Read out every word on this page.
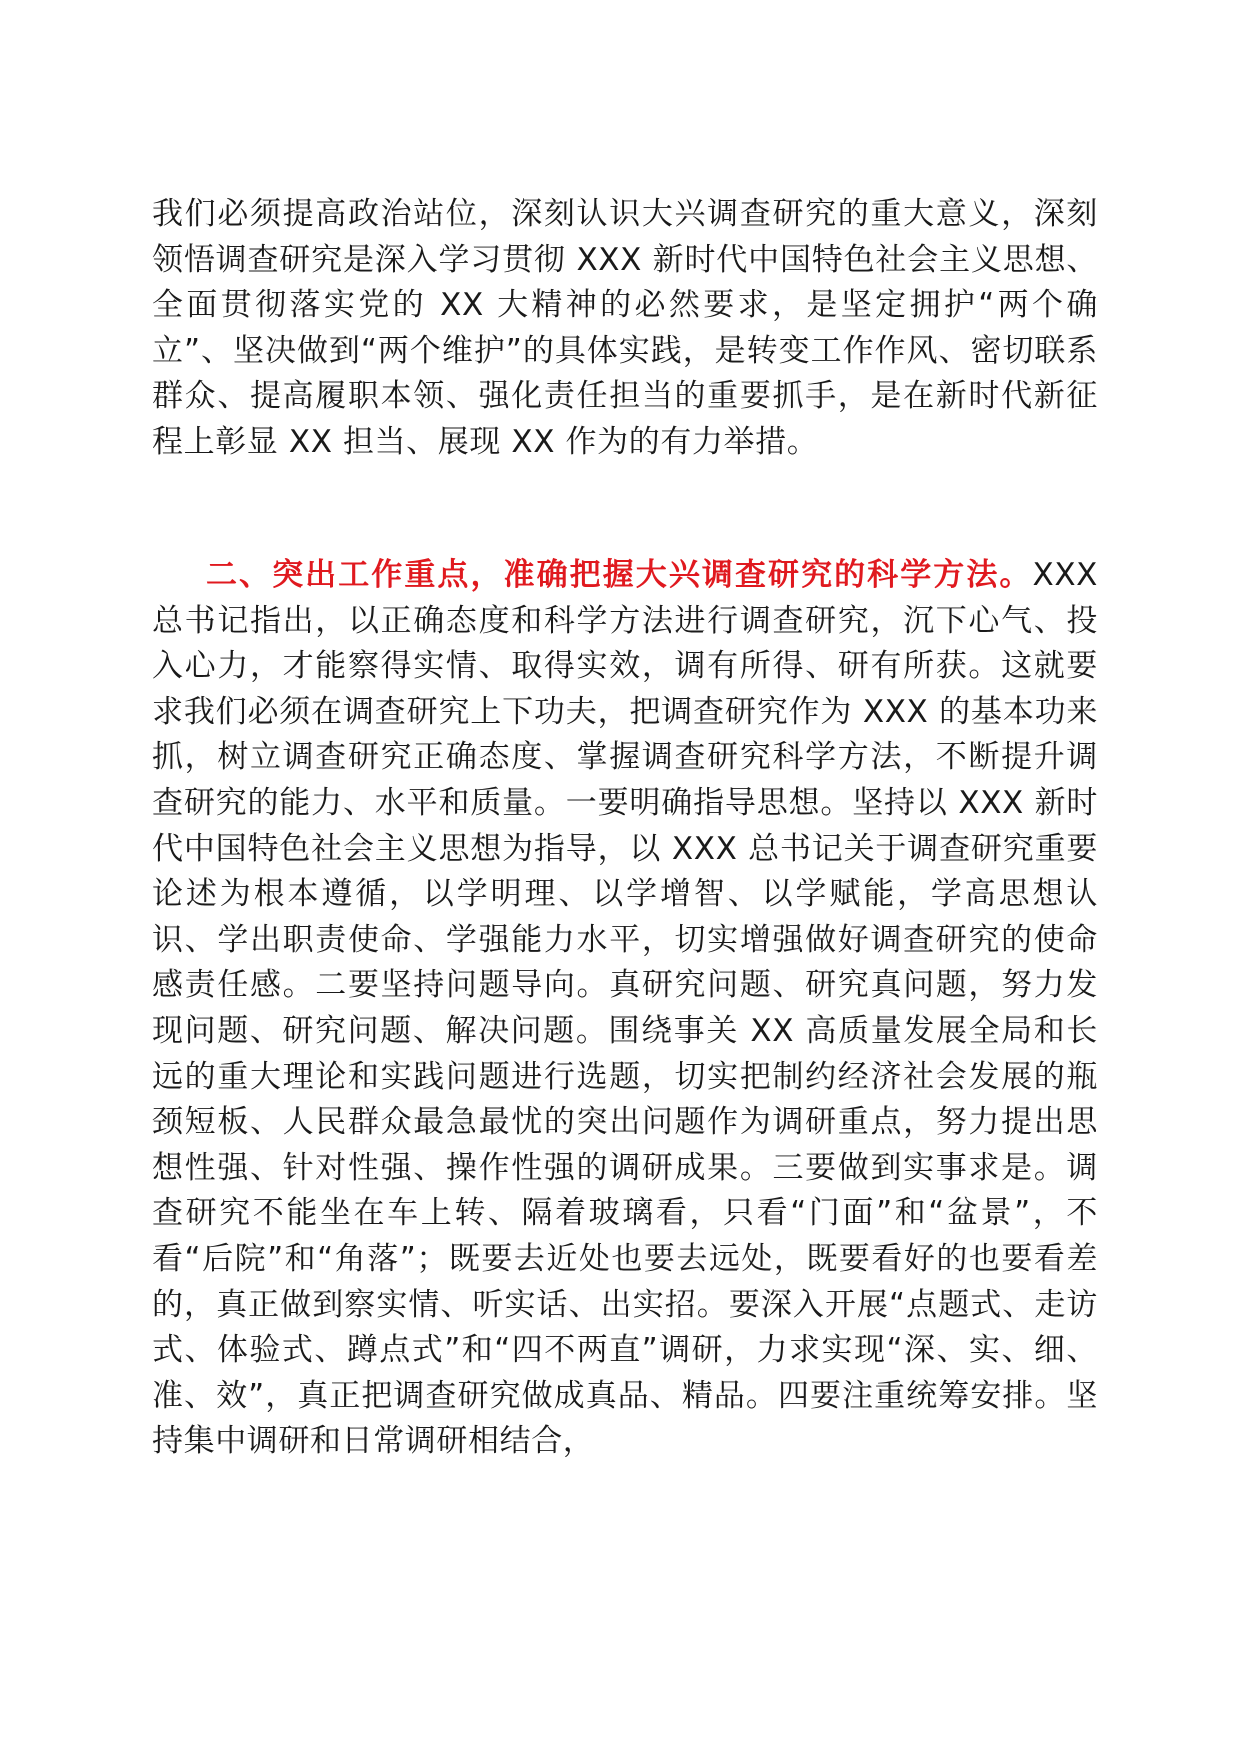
我们必须提高政治站位，深刻认识大兴调查研究的重大意义，深刻领悟调查研究是深入学习贯彻 XXX 新时代中国特色社会主义思想、全面贯彻落实党的 XX 大精神的必然要求，是坚定拥护“两个确立”、坚决做到“两个维护”的具体实践，是转变工作作风、密切联系群众、提高履职本领、强化责任担当的重要抓手，是在新时代新征程上彰显 XX 担当、展现 XX 作为的有力举措。

二、突出工作重点，准确把握大兴调查研究的科学方法。XXX 总书记指出，以正确态度和科学方法进行调查研究，沉下心气、投入心力，才能察得实情、取得实效，调有所得、研有所获。这就要求我们必须在调查研究上下功夫，把调查研究作为 XXX 的基本功来抓，树立调查研究正确态度、掌握调查研究科学方法，不断提升调查研究的能力、水平和质量。一要明确指导思想。坚持以 XXX 新时代中国特色社会主义思想为指导，以 XXX 总书记关于调查研究重要论述为根本遵循，以学明理、以学增智、以学赋能，学高思想认识、学出职责使命、学强能力水平，切实增强做好调查研究的使命感责任感。二要坚持问题导向。真研究问题、研究真问题，努力发现问题、研究问题、解决问题。围绕事关 XX 高质量发展全局和长远的重大理论和实践问题进行选题，切实把制约经济社会发展的瓶颈短板、人民群众最急最忧的突出问题作为调研重点，努力提出思想性强、针对性强、操作性强的调研成果。三要做到实事求是。调查研究不能坐在车上转、隔着玻璃看，只看“门面”和“盆景”，不看“后院”和“角落”；既要去近处也要去远处，既要看好的也要看差的，真正做到察实情、听实话、出实招。要深入开展“点题式、走访式、体验式、蹲点式”和“四不两直”调研，力求实现“深、实、细、准、效”，真正把调查研究做成真品、精品。四要注重统筹安排。坚持集中调研和日常调研相结合，
